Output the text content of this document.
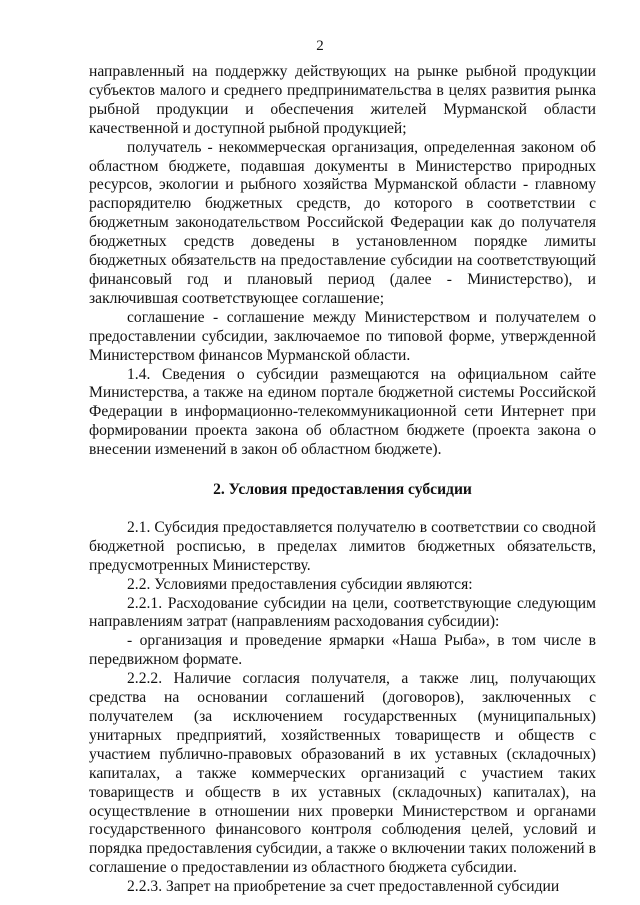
2

направленный на поддержку действующих на рынке рыбной продукции субъектов малого и среднего предпринимательства в целях развития рынка рыбной продукции и обеспечения жителей Мурманской области качественной и доступной рыбной продукцией;

получатель - некоммерческая организация, определенная законом об областном бюджете, подавшая документы в Министерство природных ресурсов, экологии и рыбного хозяйства Мурманской области - главному распорядителю бюджетных средств, до которого в соответствии с бюджетным законодательством Российской Федерации как до получателя бюджетных средств доведены в установленном порядке лимиты бюджетных обязательств на предоставление субсидии на соответствующий финансовый год и плановый период (далее - Министерство), и заключившая соответствующее соглашение;

соглашение - соглашение между Министерством и получателем о предоставлении субсидии, заключаемое по типовой форме, утвержденной Министерством финансов Мурманской области.

1.4. Сведения о субсидии размещаются на официальном сайте Министерства, а также на едином портале бюджетной системы Российской Федерации в информационно-телекоммуникационной сети Интернет при формировании проекта закона об областном бюджете (проекта закона о внесении изменений в закон об областном бюджете).

2. Условия предоставления субсидии

2.1. Субсидия предоставляется получателю в соответствии со сводной бюджетной росписью, в пределах лимитов бюджетных обязательств, предусмотренных Министерству.

2.2. Условиями предоставления субсидии являются:

2.2.1. Расходование субсидии на цели, соответствующие следующим направлениям затрат (направлениям расходования субсидии):

- организация и проведение ярмарки «Наша Рыба», в том числе в передвижном формате.

2.2.2. Наличие согласия получателя, а также лиц, получающих средства на основании соглашений (договоров), заключенных с получателем (за исключением государственных (муниципальных) унитарных предприятий, хозяйственных товариществ и обществ с участием публично-правовых образований в их уставных (складочных) капиталах, а также коммерческих организаций с участием таких товариществ и обществ в их уставных (складочных) капиталах), на осуществление в отношении них проверки Министерством и органами государственного финансового контроля соблюдения целей, условий и порядка предоставления субсидии, а также о включении таких положений в соглашение о предоставлении из областного бюджета субсидии.

2.2.3. Запрет на приобретение за счет предоставленной субсидии
